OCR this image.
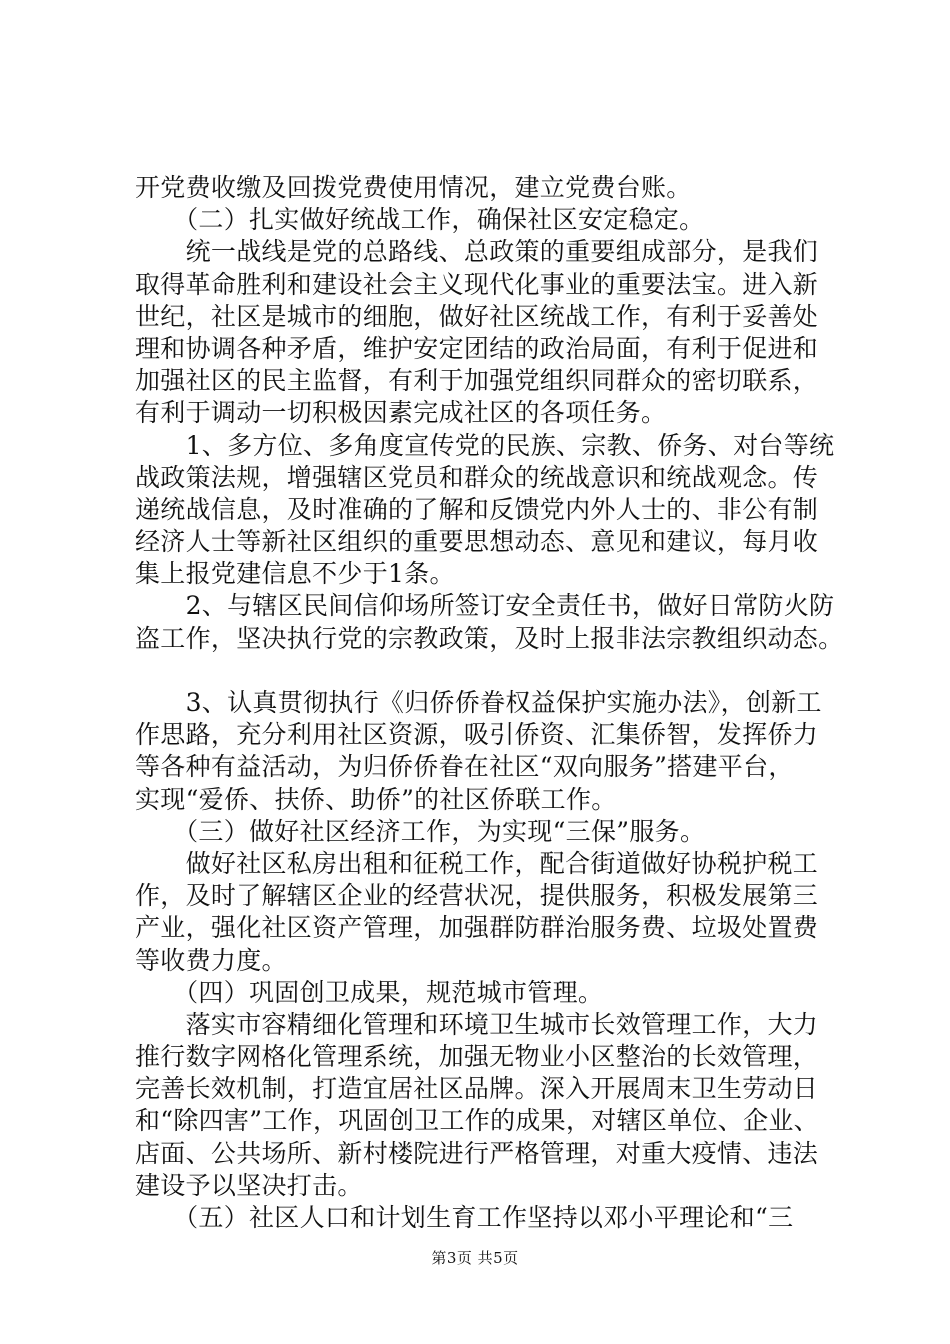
开党费收缴及回拨党费使用情况，建立党费台账。
　　（二）扎实做好统战工作，确保社区安定稳定。
　　统一战线是党的总路线、总政策的重要组成部分，是我们
取得革命胜利和建设社会主义现代化事业的重要法宝。进入新
世纪，社区是城市的细胞，做好社区统战工作，有利于妥善处
理和协调各种矛盾，维护安定团结的政治局面，有利于促进和
加强社区的民主监督，有利于加强党组织同群众的密切联系，
有利于调动一切积极因素完成社区的各项任务。
　　1、多方位、多角度宣传党的民族、宗教、侨务、对台等统
战政策法规，增强辖区党员和群众的统战意识和统战观念。传
递统战信息，及时准确的了解和反馈党内外人士的、非公有制
经济人士等新社区组织的重要思想动态、意见和建议，每月收
集上报党建信息不少于1条。
　　2、与辖区民间信仰场所签订安全责任书，做好日常防火防
盗工作，坚决执行党的宗教政策，及时上报非法宗教组织动态。
　　3、认真贯彻执行《归侨侨眷权益保护实施办法》，创新工
作思路，充分利用社区资源，吸引侨资、汇集侨智，发挥侨力
等各种有益活动，为归侨侨眷在社区“双向服务”搭建平台，
实现“爱侨、扶侨、助侨”的社区侨联工作。
　　（三）做好社区经济工作，为实现“三保”服务。
　　做好社区私房出租和征税工作，配合街道做好协税护税工
作，及时了解辖区企业的经营状况，提供服务，积极发展第三
产业，强化社区资产管理，加强群防群治服务费、垃圾处置费
等收费力度。
　　（四）巩固创卫成果，规范城市管理。
　　落实市容精细化管理和环境卫生城市长效管理工作，大力
推行数字网格化管理系统，加强无物业小区整治的长效管理，
完善长效机制，打造宜居社区品牌。深入开展周末卫生劳动日
和“除四害”工作，巩固创卫工作的成果，对辖区单位、企业、
店面、公共场所、新村楼院进行严格管理，对重大疫情、违法
建设予以坚决打击。
　　（五）社区人口和计划生育工作坚持以邓小平理论和“三
第3页 共5页
